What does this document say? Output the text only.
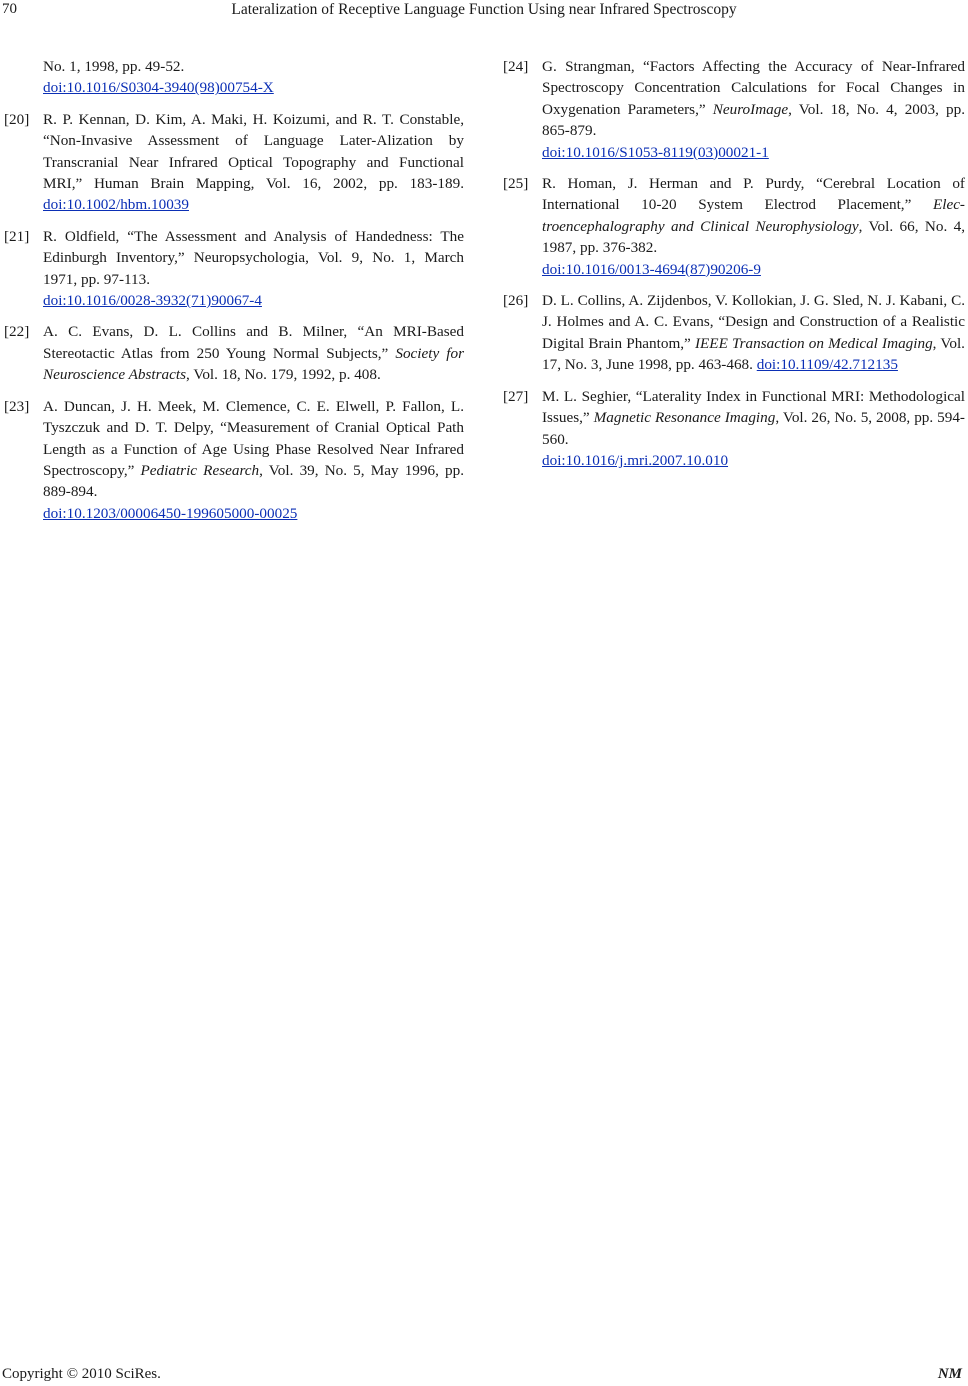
70	Lateralization of Receptive Language Function Using near Infrared Spectroscopy
No. 1, 1998, pp. 49-52.
doi:10.1016/S0304-3940(98)00754-X
[20] R. P. Kennan, D. Kim, A. Maki, H. Koizumi, and R. T. Constable, “Non-Invasive Assessment of Language Later-Alization by Transcranial Near Infrared Optical Topography and Functional MRI,” Human Brain Mapping, Vol. 16, 2002, pp. 183-189. doi:10.1002/hbm.10039
[21] R. Oldfield, “The Assessment and Analysis of Handedness: The Edinburgh Inventory,” Neuropsychologia, Vol. 9, No. 1, March 1971, pp. 97-113.
doi:10.1016/0028-3932(71)90067-4
[22] A. C. Evans, D. L. Collins and B. Milner, “An MRI-Based Stereotactic Atlas from 250 Young Normal Subjects,” Society for Neuroscience Abstracts, Vol. 18, No. 179, 1992, p. 408.
[23] A. Duncan, J. H. Meek, M. Clemence, C. E. Elwell, P. Fallon, L. Tyszczuk and D. T. Delpy, “Measurement of Cranial Optical Path Length as a Function of Age Using Phase Resolved Near Infrared Spectroscopy,” Pediatric Research, Vol. 39, No. 5, May 1996, pp. 889-894.
doi:10.1203/00006450-199605000-00025
[24] G. Strangman, “Factors Affecting the Accuracy of Near-Infrared Spectroscopy Concentration Calculations for Focal Changes in Oxygenation Parameters,” NeuroImage, Vol. 18, No. 4, 2003, pp. 865-879.
doi:10.1016/S1053-8119(03)00021-1
[25] R. Homan, J. Herman and P. Purdy, “Cerebral Location of International 10-20 System Electrod Placement,” Elec-troencephalography and Clinical Neurophysiology, Vol. 66, No. 4, 1987, pp. 376-382.
doi:10.1016/0013-4694(87)90206-9
[26] D. L. Collins, A. Zijdenbos, V. Kollokian, J. G. Sled, N. J. Kabani, C. J. Holmes and A. C. Evans, “Design and Construction of a Realistic Digital Brain Phantom,” IEEE Transaction on Medical Imaging, Vol. 17, No. 3, June 1998, pp. 463-468. doi:10.1109/42.712135
[27] M. L. Seghier, “Laterality Index in Functional MRI: Methodological Issues,” Magnetic Resonance Imaging, Vol. 26, No. 5, 2008, pp. 594-560.
doi:10.1016/j.mri.2007.10.010
Copyright © 2010 SciRes.	NM
